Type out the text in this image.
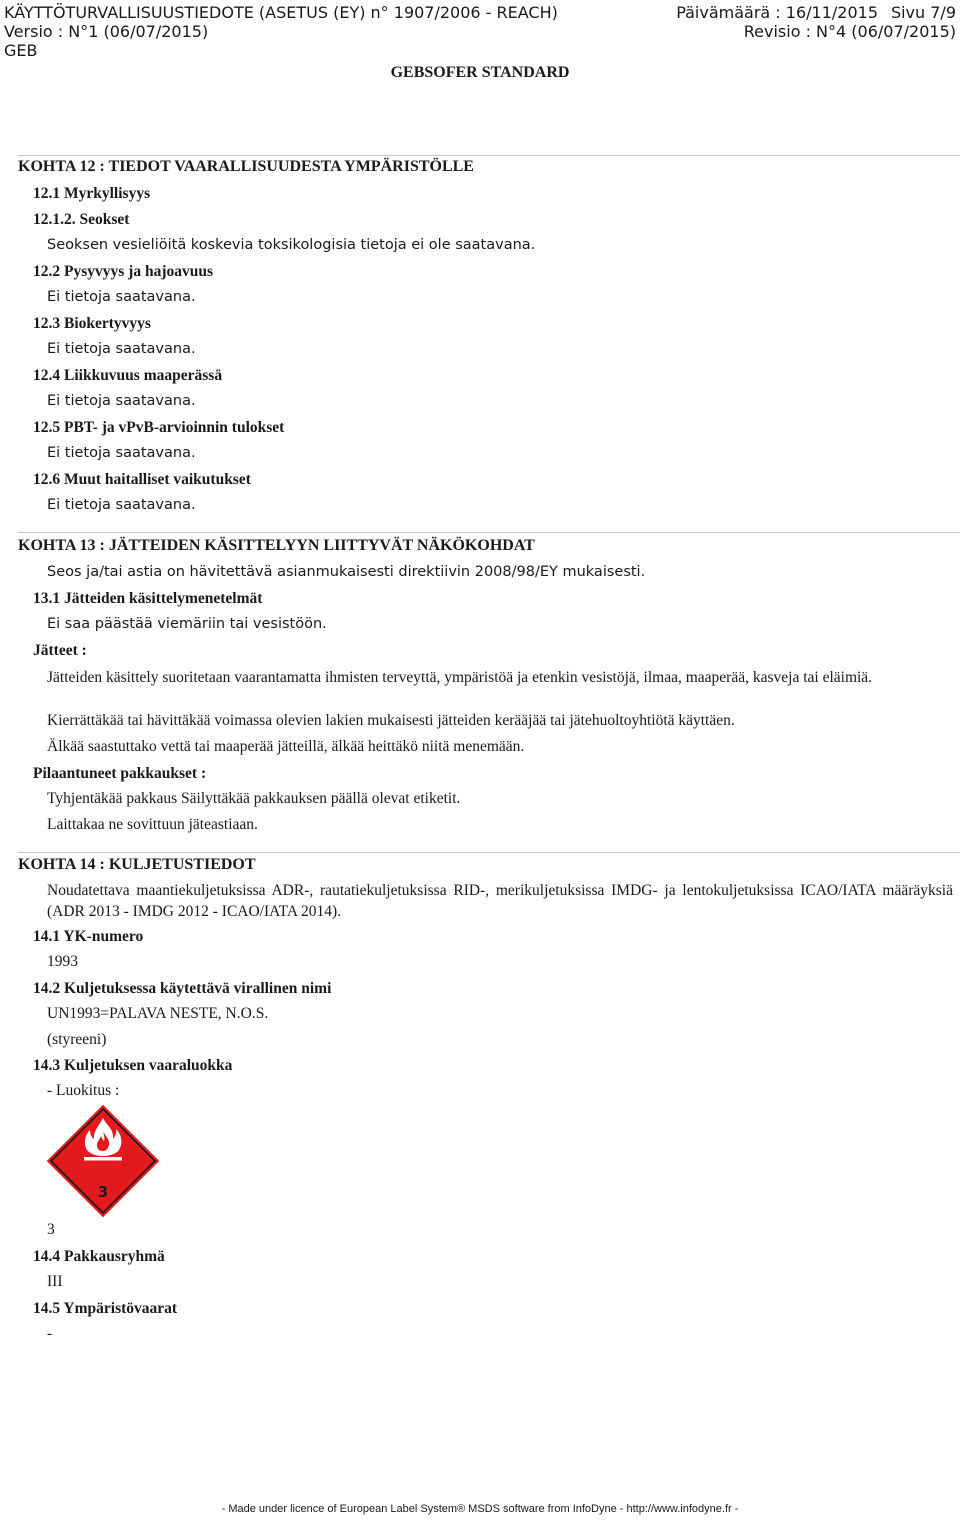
KÄYTTÖTURVALLISUUSTIEDOTE (ASETUS (EY) n° 1907/2006 - REACH)	Päivämäärä : 16/11/2015 Sivu 7/9
Versio : N°1 (06/07/2015)	Revisio : N°4 (06/07/2015)
GEB
GEBSOFER STANDARD
KOHTA 12 : TIEDOT VAARALLISUUDESTA YMPÄRISTÖLLE
12.1 Myrkyllisyys
12.1.2. Seokset
Seoksen vesieliöitä koskevia toksikologisia tietoja ei ole saatavana.
12.2 Pysyvyys ja hajoavuus
Ei tietoja saatavana.
12.3 Biokertyvyys
Ei tietoja saatavana.
12.4 Liikkuvuus maaperässä
Ei tietoja saatavana.
12.5 PBT- ja vPvB-arvioinnin tulokset
Ei tietoja saatavana.
12.6 Muut haitalliset vaikutukset
Ei tietoja saatavana.
KOHTA 13 : JÄTTEIDEN KÄSITTELYYN LIITTYVÄT NÄKÖKOHDAT
Seos ja/tai astia on hävitettävä asianmukaisesti direktiivin 2008/98/EY mukaisesti.
13.1 Jätteiden käsittelymenetelmät
Ei saa päästää viemäriin tai vesistöön.
Jätteet :
Jätteiden käsittely suoritetaan vaarantamatta ihmisten terveyttä, ympäristöä ja etenkin vesistöjä, ilmaa, maaperää, kasveja tai eläimiä.
Kierrättäkää tai hävittäkää voimassa olevien lakien mukaisesti jätteiden kerääjää tai jätehuoltoyhtiötä käyttäen.
Älkää saastuttako vettä tai maaperää jätteillä, älkää heittäkö niitä menemään.
Pilaantuneet pakkaukset :
Tyhjentäkää pakkaus Säilyttäkää pakkauksen päällä olevat etiketit.
Laittakaa ne sovittuun jäteastiaan.
KOHTA 14 : KULJETUSTIEDOT
Noudatettava maantiekuljetuksissa ADR-, rautatiekuljetuksissa RID-, merikuljetuksissa IMDG- ja lentokuljetuksissa ICAO/IATA määräyksiä (ADR 2013 - IMDG 2012 - ICAO/IATA 2014).
14.1 YK-numero
1993
14.2 Kuljetuksessa käytettävä virallinen nimi
UN1993=PALAVA NESTE, N.O.S.
(styreeni)
14.3 Kuljetuksen vaaraluokka
- Luokitus :
3
3
14.4 Pakkausryhmä
III
14.5 Ympäristövaarat
-
- Made under licence of European Label System® MSDS software from InfoDyne - http://www.infodyne.fr -
